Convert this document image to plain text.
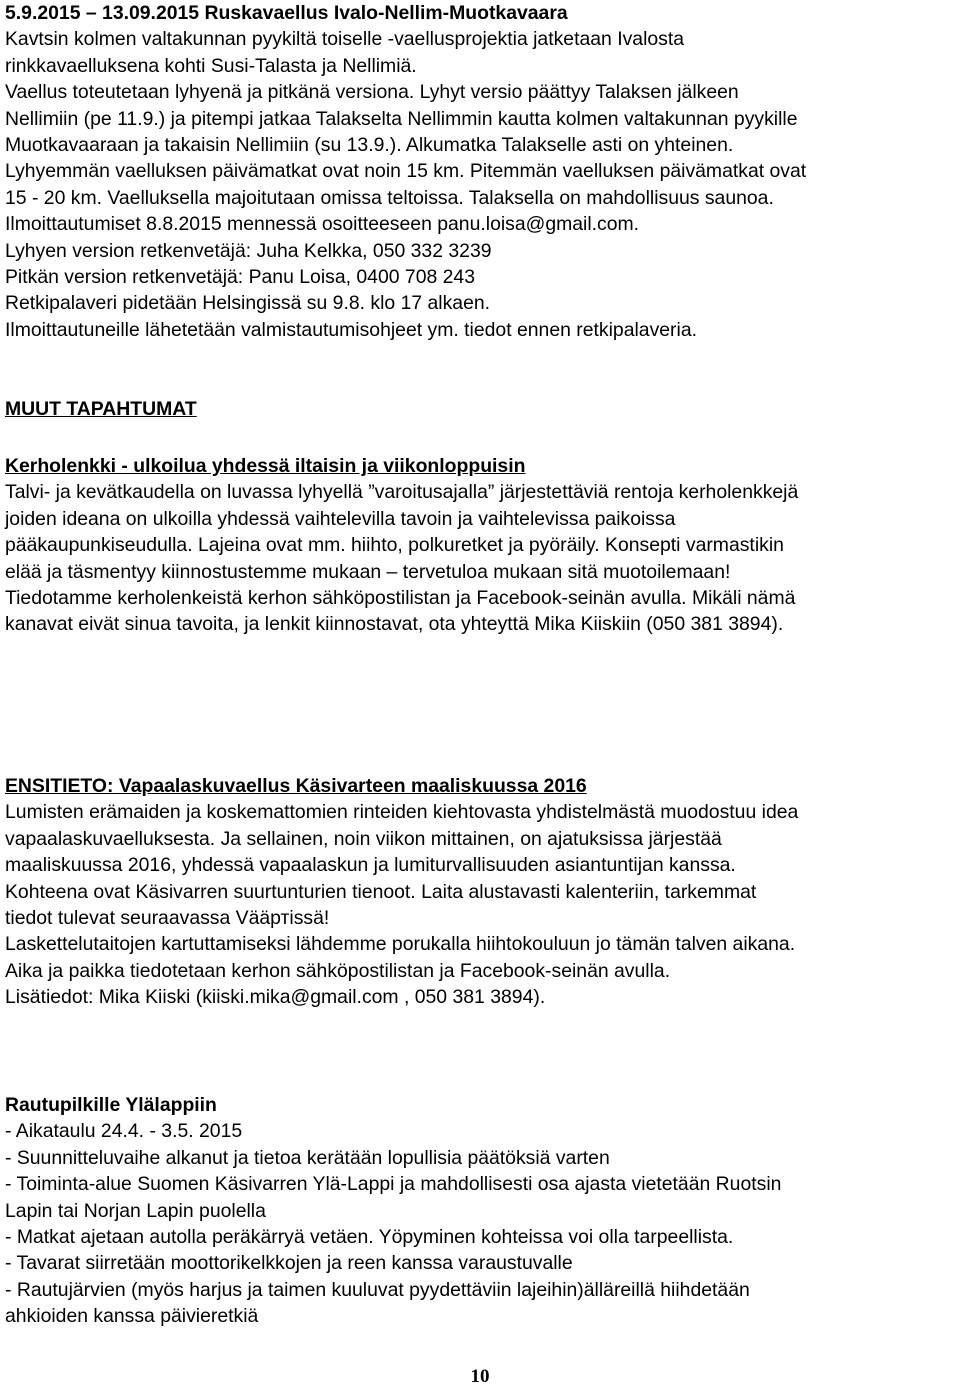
5.9.2015 – 13.09.2015 Ruskavaellus Ivalo-Nellim-Muotkavaara
Kavtsin kolmen valtakunnan pyykiltä toiselle -vaellusprojektia jatketaan Ivalosta
rinkkavaelluksena kohti Susi-Talasta ja Nellimiä.
Vaellus toteutetaan lyhyenä ja pitkänä versiona. Lyhyt versio päättyy Talaksen jälkeen
Nellimiin (pe 11.9.) ja pitempi jatkaa Talakselta Nellimmin kautta kolmen valtakunnan pyykille
Muotkavaaraan ja takaisin Nellimiin (su 13.9.). Alkumatka Talakselle asti on yhteinen.
Lyhyemmän vaelluksen päivämatkat ovat noin 15 km. Pitemmän vaelluksen päivämatkat ovat
15 - 20 km. Vaelluksella majoitutaan omissa teltoissa. Talaksella on mahdollisuus saunoa.
Ilmoittautumiset 8.8.2015 mennessä osoitteeseen panu.loisa@gmail.com.
Lyhyen version retkenvetäjä: Juha Kelkka, 050 332 3239
Pitkän version retkenvetäjä: Panu Loisa, 0400 708 243
Retkipalaveri pidetään Helsingissä su 9.8. klo 17 alkaen.
Ilmoittautuneille lähetetään valmistautumisohjeet ym. tiedot ennen retkipalaveria.
MUUT TAPAHTUMAT
Kerholenkki - ulkoilua yhdessä iltaisin ja viikonloppuisin
Talvi- ja kevätkaudella on luvassa lyhyellä ”varoitusajalla” järjestettäviä rentoja kerholenkkejä
joiden ideana on ulkoilla yhdessä vaihtelevilla tavoin ja vaihtelevissa paikoissa
pääkaupunkiseudulla. Lajeina ovat mm. hiihto, polkuretket ja pyöräily. Konsepti varmastikin
elää ja täsmentyy kiinnostustemme mukaan – tervetuloa mukaan sitä muotoilemaan!
Tiedotamme kerholenkeistä kerhon sähköpostilistan ja Facebook-seinän avulla. Mikäli nämä
kanavat eivät sinua tavoita, ja lenkit kiinnostavat, ota yhteyttä Mika Kiiskiin (050 381 3894).
ENSITIETO: Vapaalaskuvaellus Käsivarteen maaliskuussa 2016
Lumisten erämaiden ja koskemattomien rinteiden kiehtovasta yhdistelmästä muodostuu idea
vapaalaskuvaelluksesta. Ja sellainen, noin viikon mittainen, on ajatuksissa järjestää
maaliskuussa 2016, yhdessä vapaalaskun ja lumiturvallisuuden asiantuntijan kanssa.
Kohteena ovat Käsivarren suurtunturien tienoot. Laita alustavasti kalenteriin, tarkemmat
tiedot tulevat seuraavassa Vääртissä!
Laskettelutaitojen kartuttamiseksi lähdemme porukalla hiihtokouluun jo tämän talven aikana.
Aika ja paikka tiedotetaan kerhon sähköpostilistan ja Facebook-seinän avulla.
Lisätiedot: Mika Kiiski (kiiski.mika@gmail.com , 050 381 3894).
Rautupilkille Ylälappiin
- Aikataulu 24.4. - 3.5. 2015
- Suunnitteluvaihe alkanut ja tietoa kerätään lopullisia päätöksiä varten
- Toiminta-alue Suomen Käsivarren Ylä-Lappi ja mahdollisesti osa ajasta vietetään Ruotsin
Lapin tai Norjan Lapin puolella
- Matkat ajetaan autolla peräkärryä vetäen. Yöpyminen kohteissa voi olla tarpeellista.
- Tavarat siirretään moottorikelkkojen ja reen kanssa varaustuvalle
- Rautujärvien (myös harjus ja taimen kuuluvat pyydettäviin lajeihin)älläreillä hiihdetään
ahkioiden kanssa päivieretkiä
10
